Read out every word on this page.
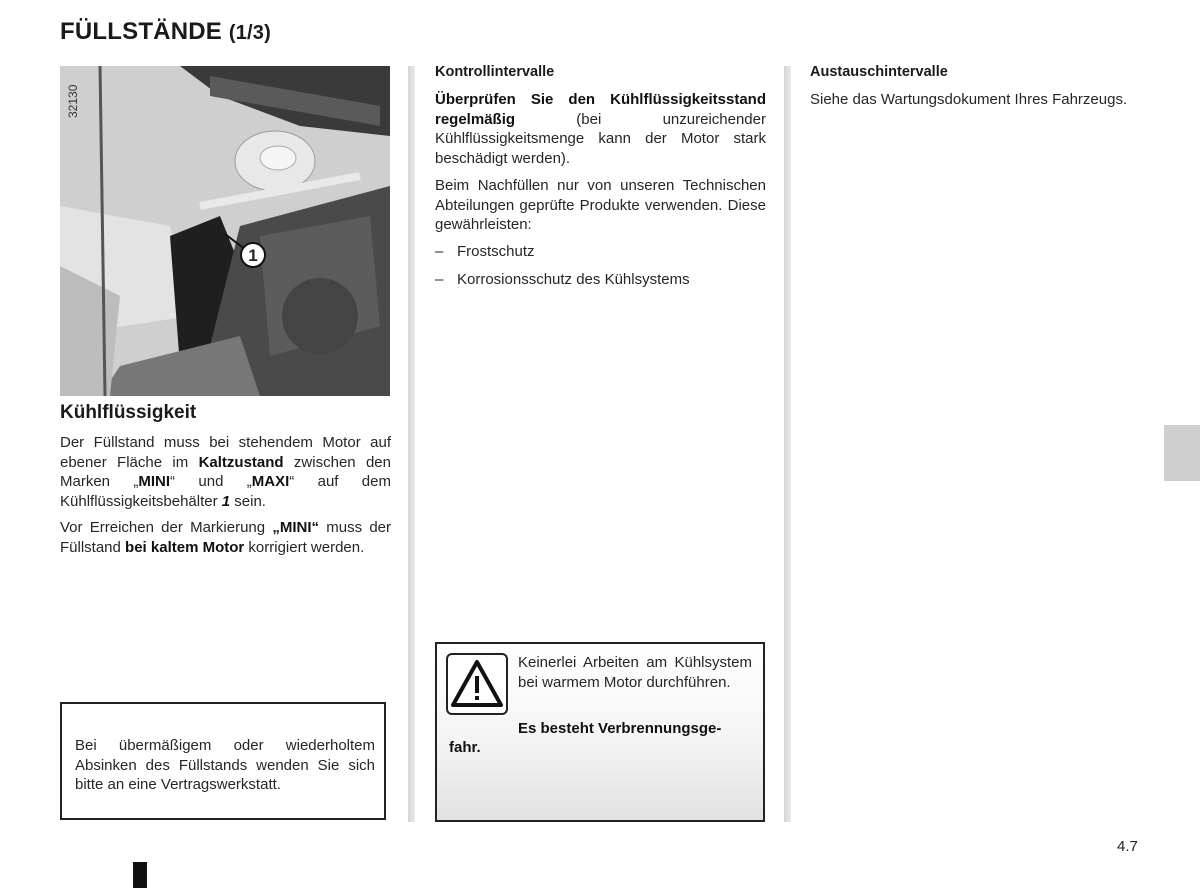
FÜLLSTÄNDE (1/3)
1
32130
Kühlflüssigkeit
Der Füllstand muss bei stehendem Motor auf ebener Fläche im Kaltzustand zwischen den Marken „MINI“ und „MAXI“ auf dem Kühlflüssigkeitsbehälter 1 sein.
Vor Erreichen der Markierung „MINI“ muss der Füllstand bei kaltem Motor korrigiert werden.
Bei übermäßigem oder wiederholtem Absinken des Füllstands wenden Sie sich bitte an eine Vertragswerkstatt.
Kontrollintervalle
Überprüfen Sie den Kühlflüssigkeitsstand regelmäßig (bei unzureichender Kühlflüssigkeitsmenge kann der Motor stark beschädigt werden).
Beim Nachfüllen nur von unseren Technischen Abteilungen geprüfte Produkte verwenden. Diese gewährleisten:
– Frostschutz
– Korrosionsschutz des Kühlsystems
Keinerlei Arbeiten am Kühlsystem bei warmem Motor durchführen.
Es besteht Verbrennungsge-
fahr.
Austauschintervalle
Siehe das Wartungsdokument Ihres Fahrzeugs.
4.7
